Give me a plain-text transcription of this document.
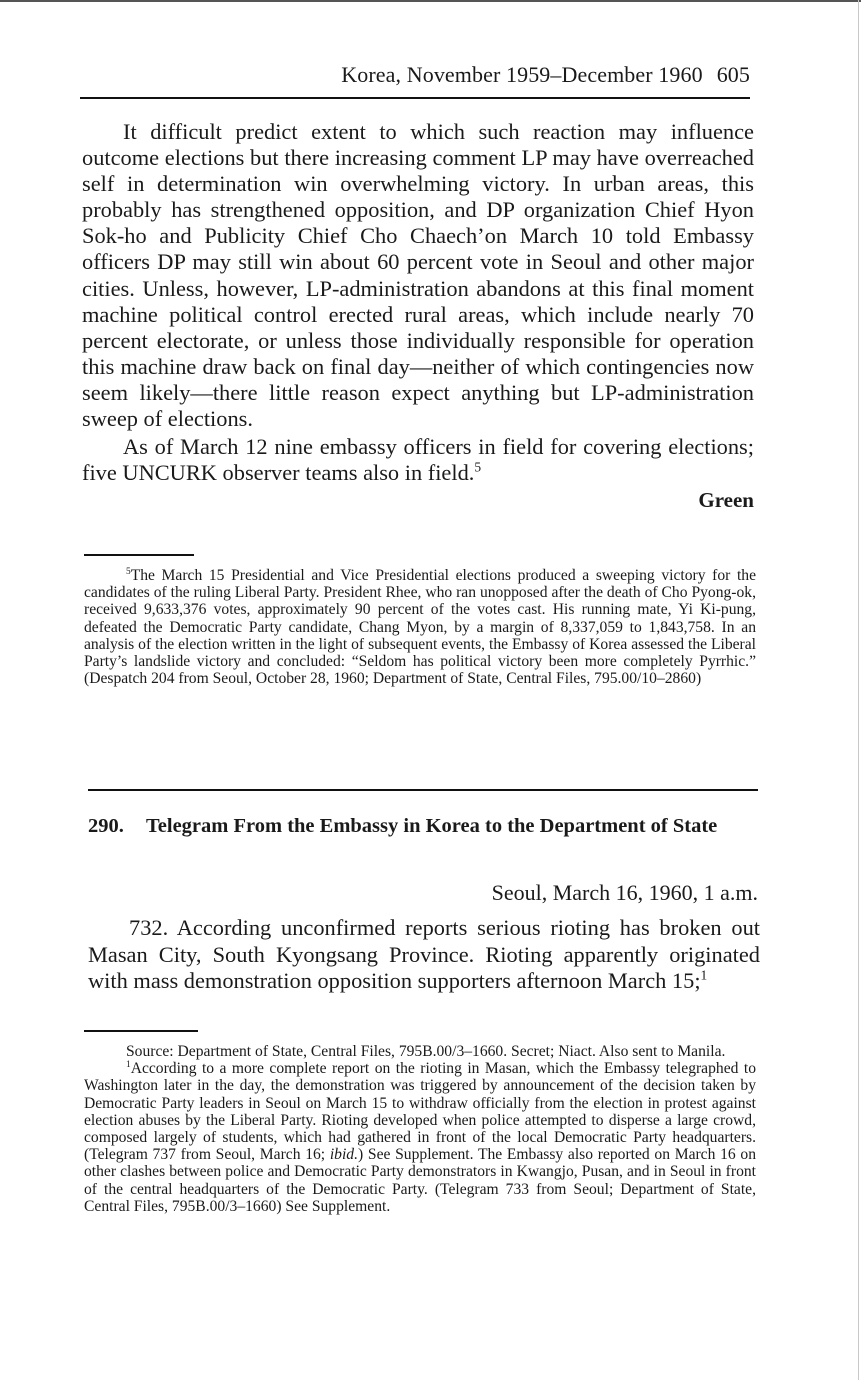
Korea, November 1959–December 1960 605

It difficult predict extent to which such reaction may influence outcome elections but there increasing comment LP may have overreached self in determination win overwhelming victory. In urban areas, this probably has strengthened opposition, and DP organization Chief Hyon Sok-ho and Publicity Chief Cho Chaech’on March 10 told Embassy officers DP may still win about 60 percent vote in Seoul and other major cities. Unless, however, LP-administration abandons at this final moment machine political control erected rural areas, which include nearly 70 percent electorate, or unless those individually responsible for operation this machine draw back on final day—neither of which contingencies now seem likely—there little reason expect anything but LP-administration sweep of elections.

As of March 12 nine embassy officers in field for covering elections; five UNCURK observer teams also in field.$^5$

Green

$^5$The March 15 Presidential and Vice Presidential elections produced a sweeping victory for the candidates of the ruling Liberal Party. President Rhee, who ran unopposed after the death of Cho Pyong-ok, received 9,633,376 votes, approximately 90 percent of the votes cast. His running mate, Yi Ki-pung, defeated the Democratic Party candidate, Chang Myon, by a margin of 8,337,059 to 1,843,758. In an analysis of the election written in the light of subsequent events, the Embassy of Korea assessed the Liberal Party’s landslide victory and concluded: “Seldom has political victory been more completely Pyrrhic.” (Despatch 204 from Seoul, October 28, 1960; Department of State, Central Files, 795.00/10–2860)

290. Telegram From the Embassy in Korea to the Department of State
Seoul, March 16, 1960, 1 a.m.

732. According unconfirmed reports serious rioting has broken out Masan City, South Kyongsang Province. Rioting apparently originated with mass demonstration opposition supporters afternoon March 15;$^1$

Source: Department of State, Central Files, 795B.00/3–1660. Secret; Niact. Also sent to Manila.

$^1$According to a more complete report on the rioting in Masan, which the Embassy telegraphed to Washington later in the day, the demonstration was triggered by announcement of the decision taken by Democratic Party leaders in Seoul on March 15 to withdraw officially from the election in protest against election abuses by the Liberal Party. Rioting developed when police attempted to disperse a large crowd, composed largely of students, which had gathered in front of the local Democratic Party headquarters. (Telegram 737 from Seoul, March 16; ibid.) See Supplement. The Embassy also reported on March 16 on other clashes between police and Democratic Party demonstrators in Kwangjo, Pusan, and in Seoul in front of the central headquarters of the Democratic Party. (Telegram 733 from Seoul; Department of State, Central Files, 795B.00/3–1660) See Supplement.
